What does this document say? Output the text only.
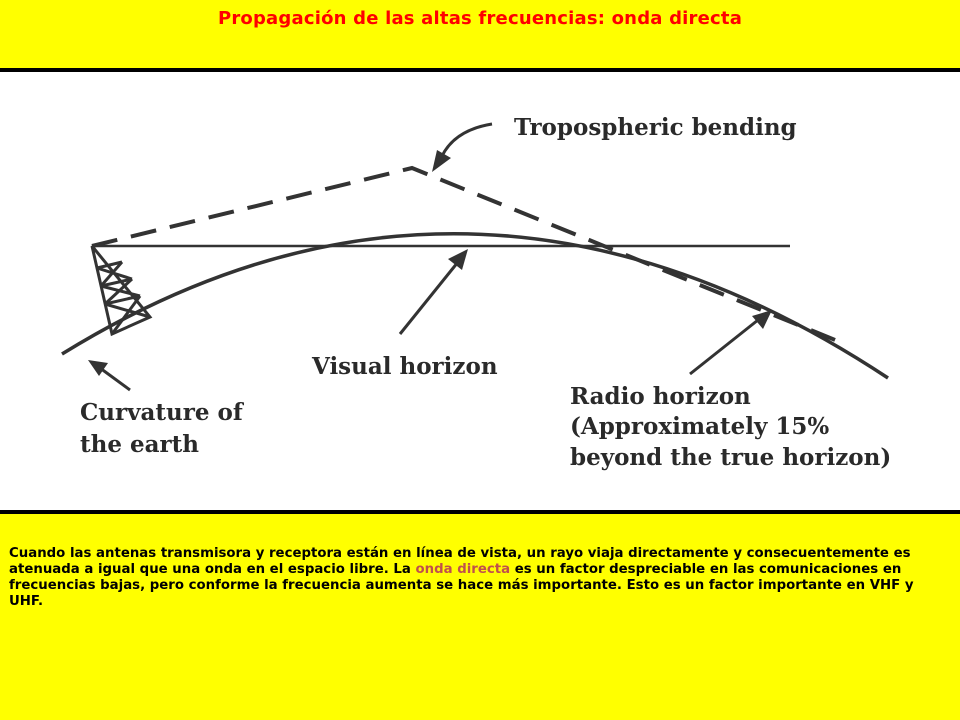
Propagación de las altas frecuencias: onda directa
Tropospheric bending
Visual horizon
Curvature of
the earth
Radio horizon
(Approximately 15%
beyond the true horizon)
Cuando las antenas transmisora y receptora están en línea de vista, un rayo viaja directamente y consecuentemente es atenuada a igual que una onda en el espacio libre. La onda directa es un factor despreciable en las comunicaciones en frecuencias bajas, pero conforme la frecuencia aumenta se hace más importante. Esto es un factor importante en VHF y UHF.
